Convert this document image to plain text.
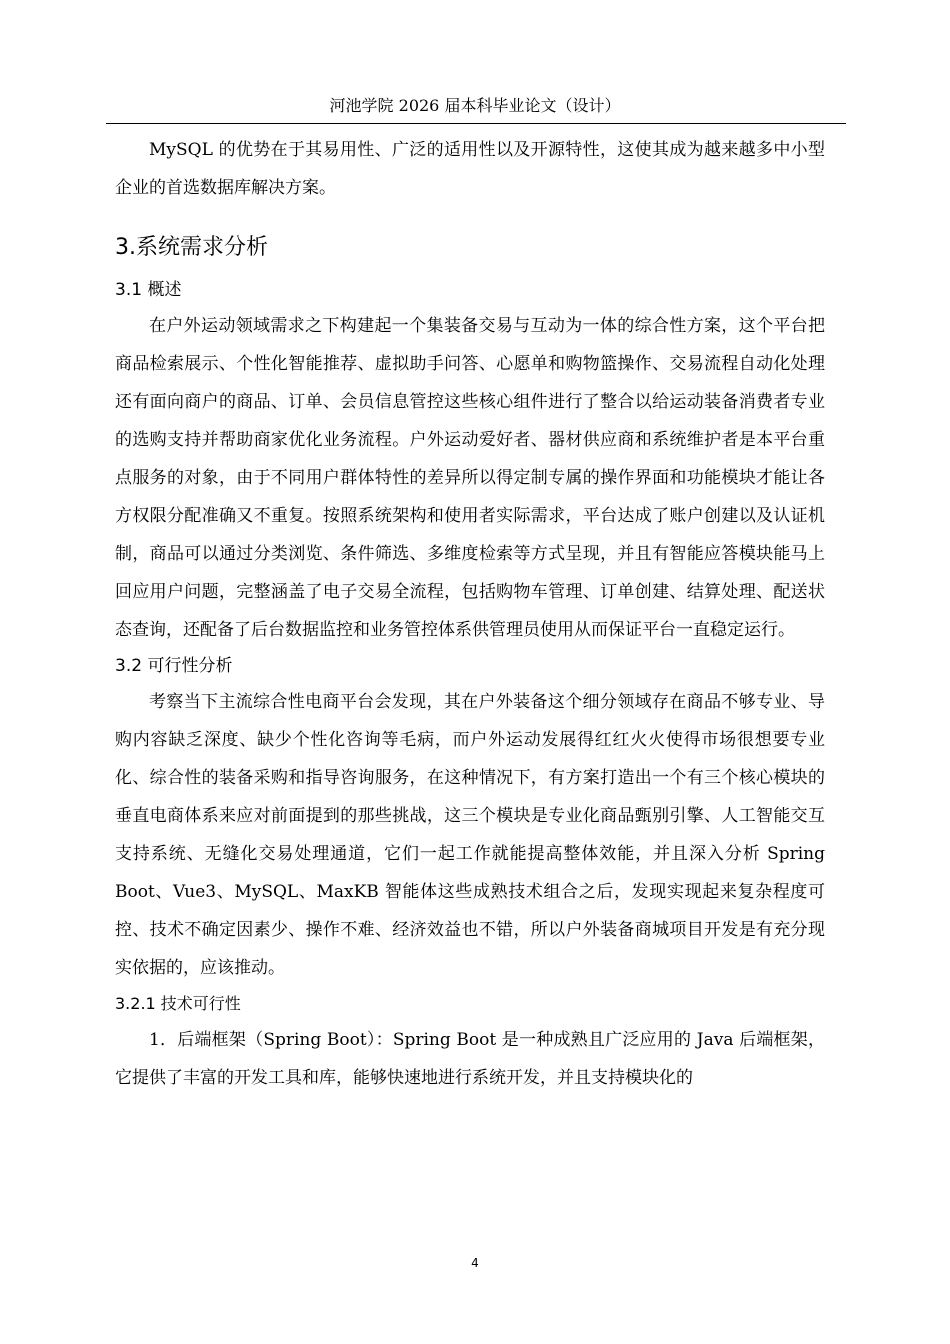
河池学院 2026 届本科毕业论文（设计）

MySQL 的优势在于其易用性、广泛的适用性以及开源特性，这使其成为越来越多中小型企业的首选数据库解决方案。

3.系统需求分析
3.1 概述

在户外运动领域需求之下构建起一个集装备交易与互动为一体的综合性方案，这个平台把商品检索展示、个性化智能推荐、虚拟助手问答、心愿单和购物篮操作、交易流程自动化处理还有面向商户的商品、订单、会员信息管控这些核心组件进行了整合以给运动装备消费者专业的选购支持并帮助商家优化业务流程。户外运动爱好者、器材供应商和系统维护者是本平台重点服务的对象，由于不同用户群体特性的差异所以得定制专属的操作界面和功能模块才能让各方权限分配准确又不重复。按照系统架构和使用者实际需求，平台达成了账户创建以及认证机制，商品可以通过分类浏览、条件筛选、多维度检索等方式呈现，并且有智能应答模块能马上回应用户问题，完整涵盖了电子交易全流程，包括购物车管理、订单创建、结算处理、配送状态查询，还配备了后台数据监控和业务管控体系供管理员使用从而保证平台一直稳定运行。

3.2 可行性分析

考察当下主流综合性电商平台会发现，其在户外装备这个细分领域存在商品不够专业、导购内容缺乏深度、缺少个性化咨询等毛病，而户外运动发展得红红火火使得市场很想要专业化、综合性的装备采购和指导咨询服务，在这种情况下，有方案打造出一个有三个核心模块的垂直电商体系来应对前面提到的那些挑战，这三个模块是专业化商品甄别引擎、人工智能交互支持系统、无缝化交易处理通道，它们一起工作就能提高整体效能，并且深入分析 Spring Boot、Vue3、MySQL、MaxKB 智能体这些成熟技术组合之后，发现实现起来复杂程度可控、技术不确定因素少、操作不难、经济效益也不错，所以户外装备商城项目开发是有充分现实依据的，应该推动。

3.2.1 技术可行性

1．后端框架（Spring Boot）：Spring Boot 是一种成熟且广泛应用的 Java 后端框架，它提供了丰富的开发工具和库，能够快速地进行系统开发，并且支持模块化的

4
